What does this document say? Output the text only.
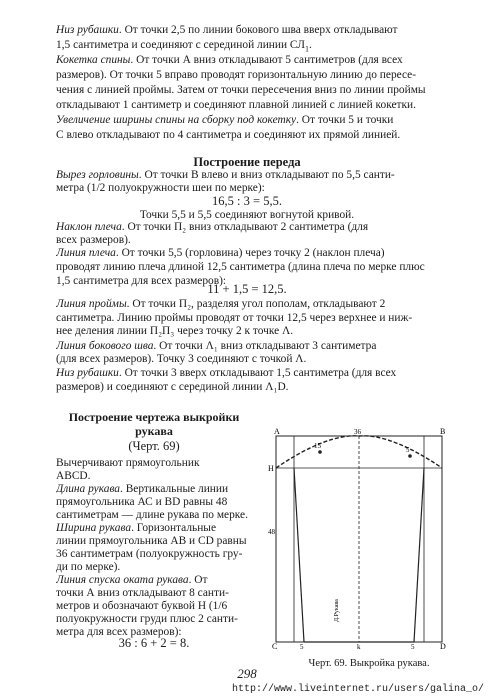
Низ рубашки. От точки 2,5 по линии бокового шва вверх откладывают
1,5 сантиметра и соединяют с серединой линии $СЛ_1$.
Кокетка спины. От точки А вниз откладывают 5 сантиметров (для всех
размеров). От точки 5 вправо проводят горизонтальную линию до пересе-
чения с линией проймы. Затем от точки пересечения вниз по линии проймы
откладывают 1 сантиметр и соединяют плавной линией с линией кокетки.
Увеличение ширины спины на сборку под кокетку. От точки 5 и точки
С влево откладывают по 4 сантиметра и соединяют их прямой линией.
Построение переда
Вырез горловины. От точки В влево и вниз откладывают по 5,5 санти-
метра (1/2 полуокружности шеи по мерке):
Точки 5,5 и 5,5 соединяют вогнутой кривой.
Наклон плеча. От точки П₂ вниз откладывают 2 сантиметра (для
всех размеров).
Линия плеча. От точки 5,5 (горловина) через точку 2 (наклон плеча)
проводят линию плеча длиной 12,5 сантиметра (длина плеча по мерке плюс
1,5 сантиметра для всех размеров):
Линия проймы. От точки П₂, разделяя угол пополам, откладывают 2
сантиметра. Линию проймы проводят от точки 12,5 через верхнее и ниж-
нее деления линии П₂П₃ через точку 2 к точке Λ.
Линия бокового шва. От точки Λ₁ вниз откладывают 3 сантиметра
(для всех размеров). Точку 3 соединяют с точкой Λ.
Низ рубашки. От точки 3 вверх откладывают 1,5 сантиметра (для всех
размеров) и соединяют с серединой линии Λ₁D.
16,5 : 3 = 5,5.
11 + 1,5 = 12,5.
Построение чертежа выкройки
рукава
(Черт. 69)
Вычерчивают прямоугольник
ABCD.
Длина рукава. Вертикальные линии
прямоугольника АС и BD равны 48
сантиметрам — длине рукава по мерке.
Ширина рукава. Горизонтальные
линии прямоугольника АВ и CD равны
36 сантиметрам (полуокружность гру-
ди по мерке).
Линия спуска оката рукава. От
точки А вниз откладывают 8 санти-
метров и обозначают буквой Н (1/6
полуокружности груди плюс 2 санти-
метра для всех размеров):
36 : 6 + 2 = 8.
A	B
C	D
H
36
48
15	5
Д.Рукава
5	5
k
Черт. 69. Выкройка рукава.
298
http://www.liveinternet.ru/users/galina_o/
